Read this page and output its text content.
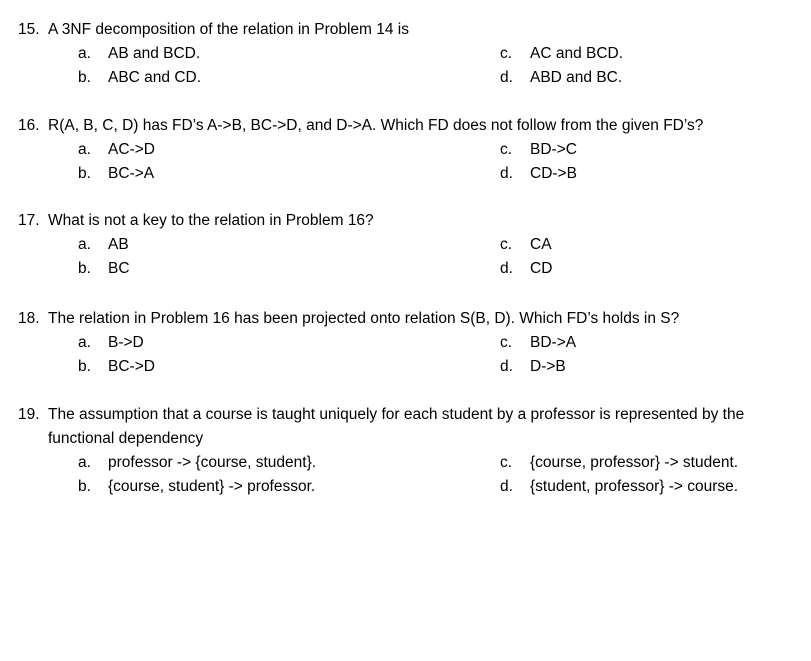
15. A 3NF decomposition of the relation in Problem 14 is
a.	AB and BCD.
b.	ABC and CD.
c.	AC and BCD.
d.	ABD and BC.
16. R(A, B, C, D) has FD’s A->B, BC->D, and D->A. Which FD does not follow from the given FD’s?
a.	AC->D
b.	BC->A
c.	BD->C
d.	CD->B
17. What is not a key to the relation in Problem 16?
a.	AB
b.	BC
c.	CA
d.	CD
18. The relation in Problem 16 has been projected onto relation S(B, D). Which FD’s holds in S?
a.	B->D
b.	BC->D
c.	BD->A
d.	D->B
19. The assumption that a course is taught uniquely for each student by a professor is represented by the functional dependency
a.	professor -> {course, student}.
b.	{course, student} -> professor.
c.	{course, professor} -> student.
d.	{student, professor} -> course.
